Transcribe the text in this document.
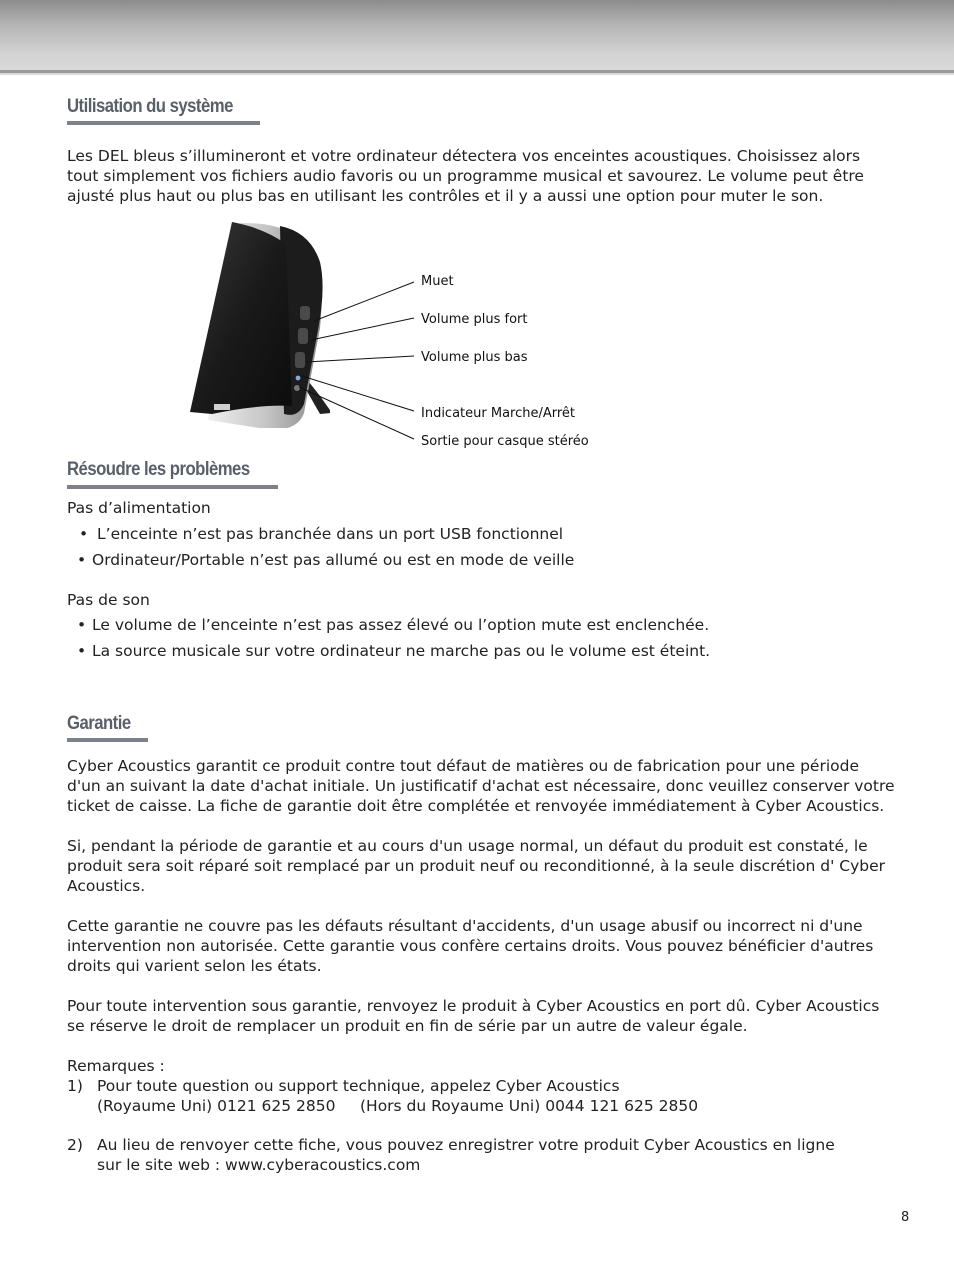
Utilisation du système

Les DEL bleus s’illumineront et votre ordinateur détectera vos enceintes acoustiques. Choisissez alors tout simplement vos fichiers audio favoris ou un programme musical et savourez. Le volume peut être ajusté plus haut ou plus bas en utilisant les contrôles et il y a aussi une option pour muter le son.

Muet
Volume plus fort
Volume plus bas
Indicateur Marche/Arrêt
Sortie pour casque stéréo
Résoudre les problèmes

Pas d’alimentation

• L’enceinte n’est pas branchée dans un port USB fonctionnel

• Ordinateur/Portable n’est pas allumé ou est en mode de veille

Pas de son

• Le volume de l’enceinte n’est pas assez élevé ou l’option mute est enclenchée.

• La source musicale sur votre ordinateur ne marche pas ou le volume est éteint.

Garantie

Cyber Acoustics garantit ce produit contre tout défaut de matières ou de fabrication pour une période d'un an suivant la date d'achat initiale. Un justificatif d'achat est nécessaire, donc veuillez conserver votre ticket de caisse. La fiche de garantie doit être complétée et renvoyée immédiatement à Cyber Acoustics.

Si, pendant la période de garantie et au cours d'un usage normal, un défaut du produit est constaté, le produit sera soit réparé soit remplacé par un produit neuf ou reconditionné, à la seule discrétion d' Cyber Acoustics.

Cette garantie ne couvre pas les défauts résultant d'accidents, d'un usage abusif ou incorrect ni d'une intervention non autorisée. Cette garantie vous confère certains droits. Vous pouvez bénéficier d'autres droits qui varient selon les états.

Pour toute intervention sous garantie, renvoyez le produit à Cyber Acoustics en port dû. Cyber Acoustics se réserve le droit de remplacer un produit en fin de série par un autre de valeur égale.

Remarques :

1) Pour toute question ou support technique, appelez Cyber Acoustics

(Royaume Uni) 0121 625 2850 (Hors du Royaume Uni) 0044 121 625 2850

2) Au lieu de renvoyer cette fiche, vous pouvez enregistrer votre produit Cyber Acoustics en ligne

sur le site web : www.cyberacoustics.com

8
